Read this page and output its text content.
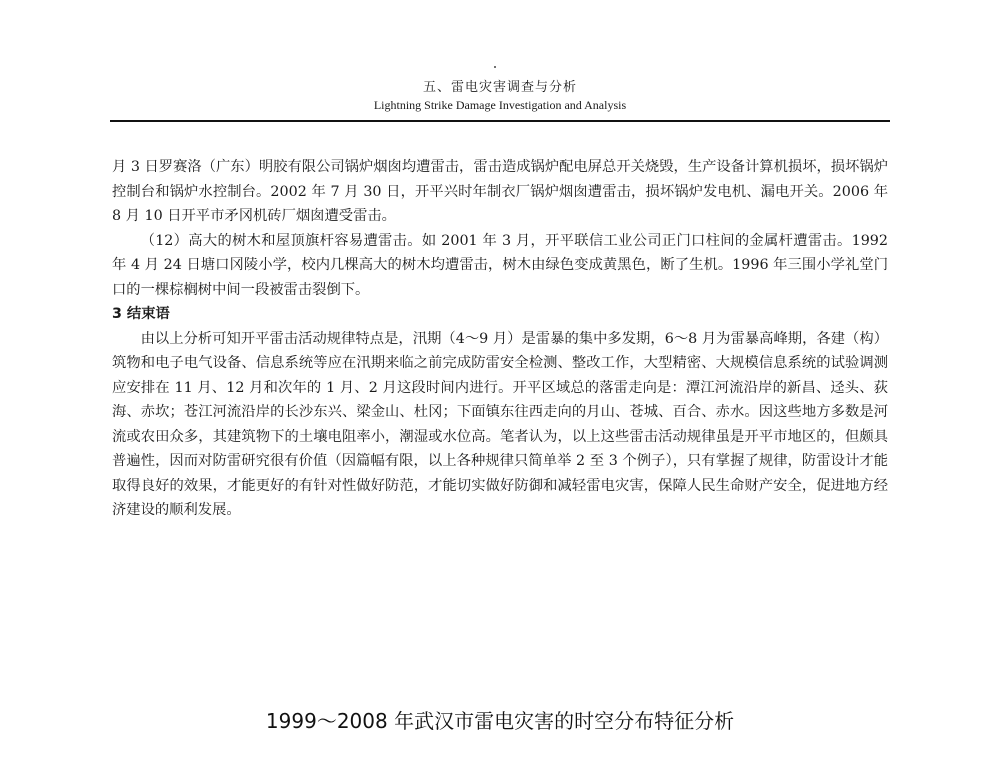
五、雷电灾害调查与分析
Lightning Strike Damage Investigation and Analysis

月 3 日罗赛洛（广东）明胶有限公司锅炉烟囱均遭雷击，雷击造成锅炉配电屏总开关烧毁，生产设备计算机损坏，损坏锅炉控制台和锅炉水控制台。2002 年 7 月 30 日，开平兴时年制衣厂锅炉烟囱遭雷击，损坏锅炉发电机、漏电开关。2006 年 8 月 10 日开平市矛冈机砖厂烟囱遭受雷击。

（12）高大的树木和屋顶旗杆容易遭雷击。如 2001 年 3 月，开平联信工业公司正门口柱间的金属杆遭雷击。1992 年 4 月 24 日塘口冈陵小学，校内几棵高大的树木均遭雷击，树木由绿色变成黄黑色，断了生机。1996 年三围小学礼堂门口的一棵棕榈树中间一段被雷击裂倒下。

3 结束语

由以上分析可知开平雷击活动规律特点是，汛期（4～9 月）是雷暴的集中多发期，6～8 月为雷暴高峰期，各建（构）筑物和电子电气设备、信息系统等应在汛期来临之前完成防雷安全检测、整改工作，大型精密、大规模信息系统的试验调测应安排在 11 月、12 月和次年的 1 月、2 月这段时间内进行。开平区域总的落雷走向是：潭江河流沿岸的新昌、迳头、荻海、赤坎；苍江河流沿岸的长沙东兴、梁金山、杜冈；下面镇东往西走向的月山、苍城、百合、赤水。因这些地方多数是河流或农田众多，其建筑物下的土壤电阻率小，潮湿或水位高。笔者认为，以上这些雷击活动规律虽是开平市地区的，但颇具普遍性，因而对防雷研究很有价值（因篇幅有限，以上各种规律只简单举 2 至 3 个例子），只有掌握了规律，防雷设计才能取得良好的效果，才能更好的有针对性做好防范，才能切实做好防御和减轻雷电灾害，保障人民生命财产安全，促进地方经济建设的顺利发展。

1999～2008 年武汉市雷电灾害的时空分布特征分析
